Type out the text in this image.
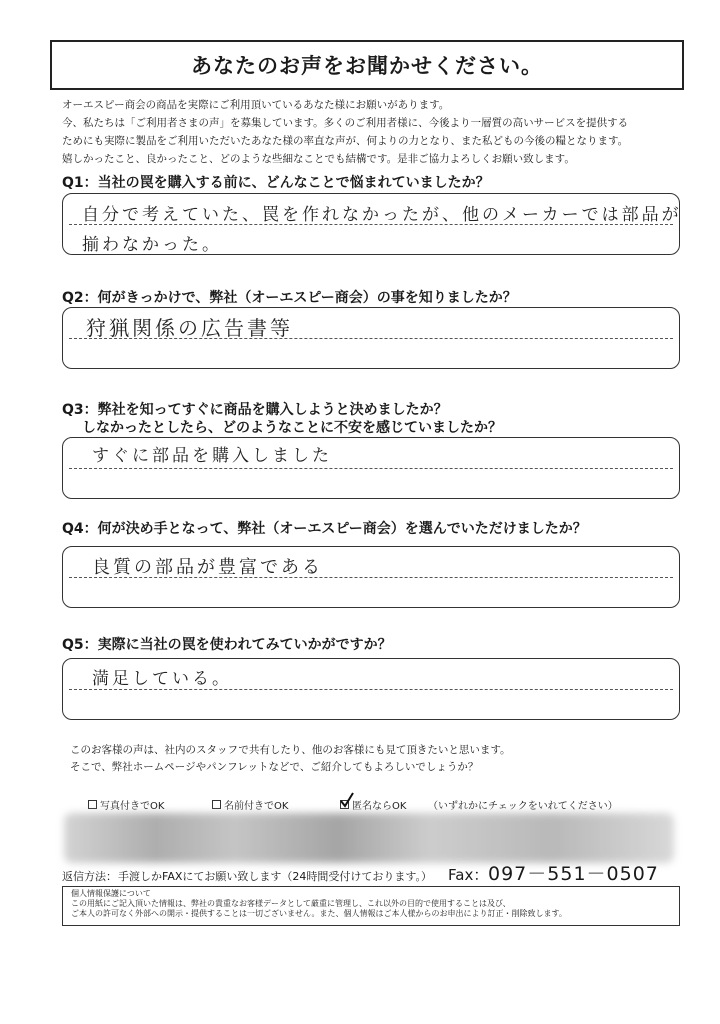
あなたのお声をお聞かせください。
オーエスピー商会の商品を実際にご利用頂いているあなた様にお願いがあります。
今、私たちは「ご利用者さまの声」を募集しています。多くのご利用者様に、今後より一層質の高いサービスを提供する
ためにも実際に製品をご利用いただいたあなた様の率直な声が、何よりの力となり、また私どもの今後の糧となります。
嬉しかったこと、良かったこと、どのような些細なことでも結構です。是非ご協力よろしくお願い致します。
Q1：当社の罠を購入する前に、どんなことで悩まれていましたか？
自分で考えていた、罠を作れなかったが、他のメーカーでは部品が
揃わなかった。
Q2：何がきっかけで、弊社（オーエスピー商会）の事を知りましたか？
狩猟関係の広告書等
Q3：弊社を知ってすぐに商品を購入しようと決めましたか？
しなかったとしたら、どのようなことに不安を感じていましたか？
すぐに部品を購入しました
Q4：何が決め手となって、弊社（オーエスピー商会）を選んでいただけましたか？
良質の部品が豊富である
Q5：実際に当社の罠を使われてみていかがですか？
満足している。
このお客様の声は、社内のスタッフで共有したり、他のお客様にも見て頂きたいと思います。
そこで、弊社ホームページやパンフレットなどで、ご紹介してもよろしいでしょうか？
写真付きでOK	名前付きでOK	匿名ならOK （いずれかにチェックをいれてください）
返信方法： 手渡しかFAXにてお願い致します（24時間受付けております。） Fax： 097－551－0507
個人情報保護について
この用紙にご記入頂いた情報は、弊社の貴重なお客様データとして厳重に管理し、これ以外の目的で使用することは及び、
ご本人の許可なく外部への開示・提供することは一切ございません。また、個人情報はご本人様からのお申出により訂正・削除致します。
